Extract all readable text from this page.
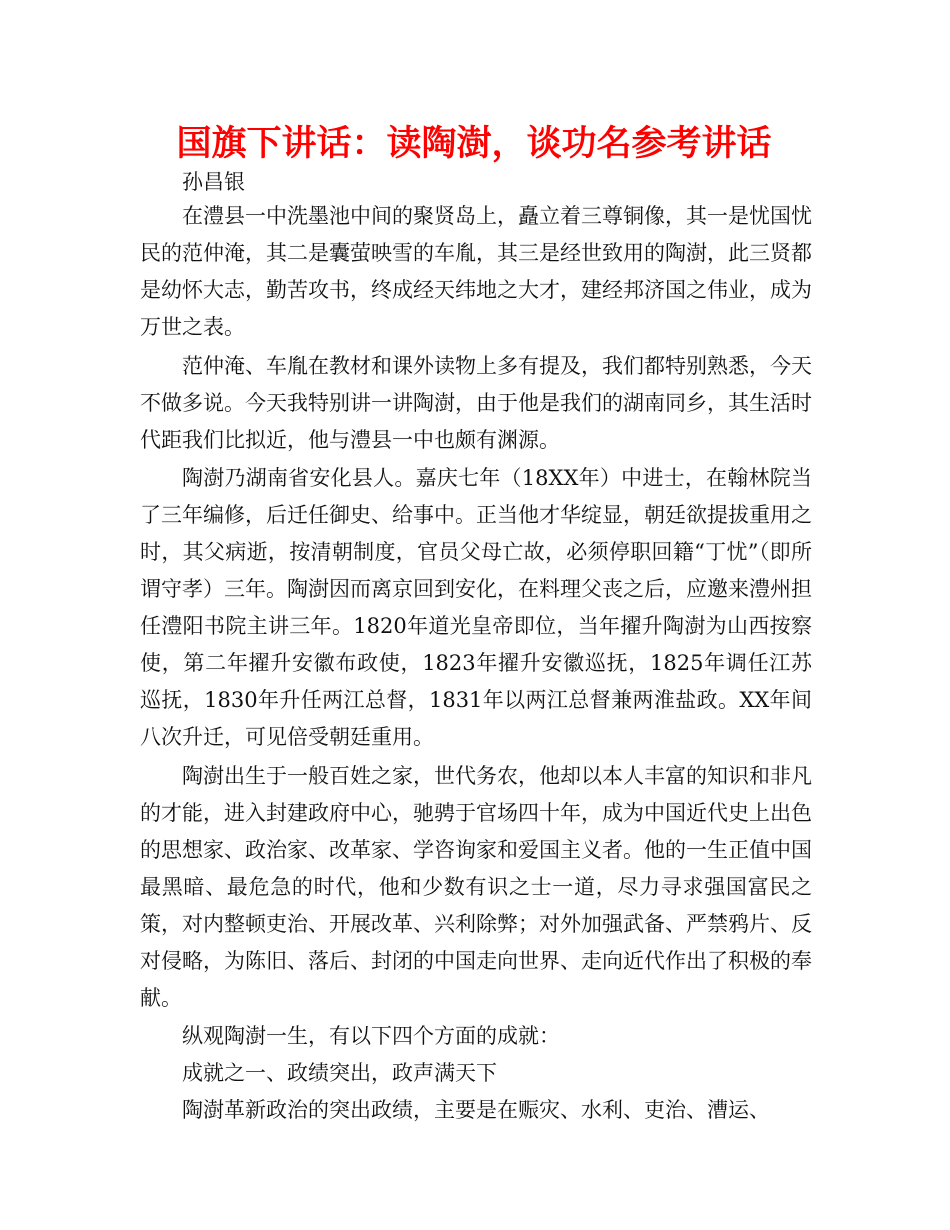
国旗下讲话：读陶澍，谈功名参考讲话

孙昌银

在澧县一中洗墨池中间的聚贤岛上，矗立着三尊铜像，其一是忧国忧民的范仲淹，其二是囊萤映雪的车胤，其三是经世致用的陶澍，此三贤都是幼怀大志，勤苦攻书，终成经天纬地之大才，建经邦济国之伟业，成为万世之表。

范仲淹、车胤在教材和课外读物上多有提及，我们都特别熟悉，今天不做多说。今天我特别讲一讲陶澍，由于他是我们的湖南同乡，其生活时代距我们比拟近，他与澧县一中也颇有渊源。

陶澍乃湖南省安化县人。嘉庆七年（18XX年）中进士，在翰林院当了三年编修，后迁任御史、给事中。正当他才华绽显，朝廷欲提拔重用之时，其父病逝，按清朝制度，官员父母亡故，必须停职回籍“丁忧”（即所谓守孝）三年。陶澍因而离京回到安化，在料理父丧之后，应邀来澧州担任澧阳书院主讲三年。1820年道光皇帝即位，当年擢升陶澍为山西按察使，第二年擢升安徽布政使，1823年擢升安徽巡抚，1825年调任江苏巡抚，1830年升任两江总督，1831年以两江总督兼两淮盐政。XX年间八次升迁，可见倍受朝廷重用。

陶澍出生于一般百姓之家，世代务农，他却以本人丰富的知识和非凡的才能，进入封建政府中心，驰骋于官场四十年，成为中国近代史上出色的思想家、政治家、改革家、学咨询家和爱国主义者。他的一生正值中国最黑暗、最危急的时代，他和少数有识之士一道，尽力寻求强国富民之策，对内整顿吏治、开展改革、兴利除弊；对外加强武备、严禁鸦片、反对侵略，为陈旧、落后、封闭的中国走向世界、走向近代作出了积极的奉献。

纵观陶澍一生，有以下四个方面的成就：

成就之一、政绩突出，政声满天下

陶澍革新政治的突出政绩，主要是在赈灾、水利、吏治、漕运、
